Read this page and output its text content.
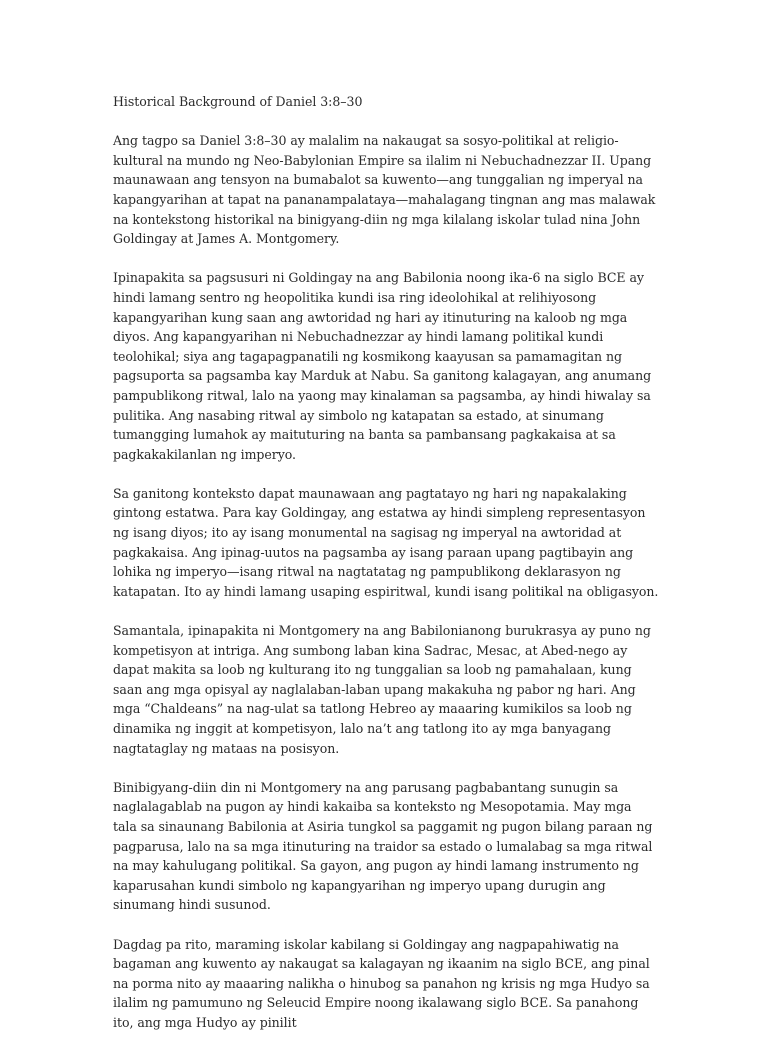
Historical Background of Daniel 3:8–30
Ang tagpo sa Daniel 3:8–30 ay malalim na nakaugat sa sosyo-politikal at religio-kultural na mundo ng Neo-Babylonian Empire sa ilalim ni Nebuchadnezzar II. Upang maunawaan ang tensyon na bumabalot sa kuwento—ang tunggalian ng imperyal na kapangyarihan at tapat na pananampalataya—mahalagang tingnan ang mas malawak na kontekstong historikal na binigyang-diin ng mga kilalang iskolar tulad nina John Goldingay at James A. Montgomery.
Ipinapakita sa pagsusuri ni Goldingay na ang Babilonia noong ika-6 na siglo BCE ay hindi lamang sentro ng heopolitika kundi isa ring ideolohikal at relihiyosong kapangyarihan kung saan ang awtoridad ng hari ay itinuturing na kaloob ng mga diyos. Ang kapangyarihan ni Nebuchadnezzar ay hindi lamang politikal kundi teolohikal; siya ang tagapagpanatili ng kosmikong kaayusan sa pamamagitan ng pagsuporta sa pagsamba kay Marduk at Nabu. Sa ganitong kalagayan, ang anumang pampublikong ritwal, lalo na yaong may kinalaman sa pagsamba, ay hindi hiwalay sa pulitika. Ang nasabing ritwal ay simbolo ng katapatan sa estado, at sinumang tumangging lumahok ay maituturing na banta sa pambansang pagkakaisa at sa pagkakakilanlan ng imperyo.
Sa ganitong konteksto dapat maunawaan ang pagtatayo ng hari ng napakalaking gintong estatwa. Para kay Goldingay, ang estatwa ay hindi simpleng representasyon ng isang diyos; ito ay isang monumental na sagisag ng imperyal na awtoridad at pagkakaisa. Ang ipinag-uutos na pagsamba ay isang paraan upang pagtibayin ang lohika ng imperyo—isang ritwal na nagtatatag ng pampublikong deklarasyon ng katapatan. Ito ay hindi lamang usaping espiritwal, kundi isang politikal na obligasyon.
Samantala, ipinapakita ni Montgomery na ang Babilonianong burukrasya ay puno ng kompetisyon at intriga. Ang sumbong laban kina Sadrac, Mesac, at Abed-nego ay dapat makita sa loob ng kulturang ito ng tunggalian sa loob ng pamahalaan, kung saan ang mga opisyal ay naglalaban-laban upang makakuha ng pabor ng hari. Ang mga “Chaldeans” na nag-ulat sa tatlong Hebreo ay maaaring kumikilos sa loob ng dinamika ng inggit at kompetisyon, lalo na’t ang tatlong ito ay mga banyagang nagtataglay ng mataas na posisyon.
Binibigyang-diin din ni Montgomery na ang parusang pagbabantang sunugin sa naglalagablab na pugon ay hindi kakaiba sa konteksto ng Mesopotamia. May mga tala sa sinaunang Babilonia at Asiria tungkol sa paggamit ng pugon bilang paraan ng pagparusa, lalo na sa mga itinuturing na traidor sa estado o lumalabag sa mga ritwal na may kahulugang politikal. Sa gayon, ang pugon ay hindi lamang instrumento ng kaparusahan kundi simbolo ng kapangyarihan ng imperyo upang durugin ang sinumang hindi susunod.
Dagdag pa rito, maraming iskolar kabilang si Goldingay ang nagpapahiwatig na bagaman ang kuwento ay nakaugat sa kalagayan ng ikaanim na siglo BCE, ang pinal na porma nito ay maaaring nalikha o hinubog sa panahon ng krisis ng mga Hudyo sa ilalim ng pamumuno ng Seleucid Empire noong ikalawang siglo BCE. Sa panahong ito, ang mga Hudyo ay pinilit
